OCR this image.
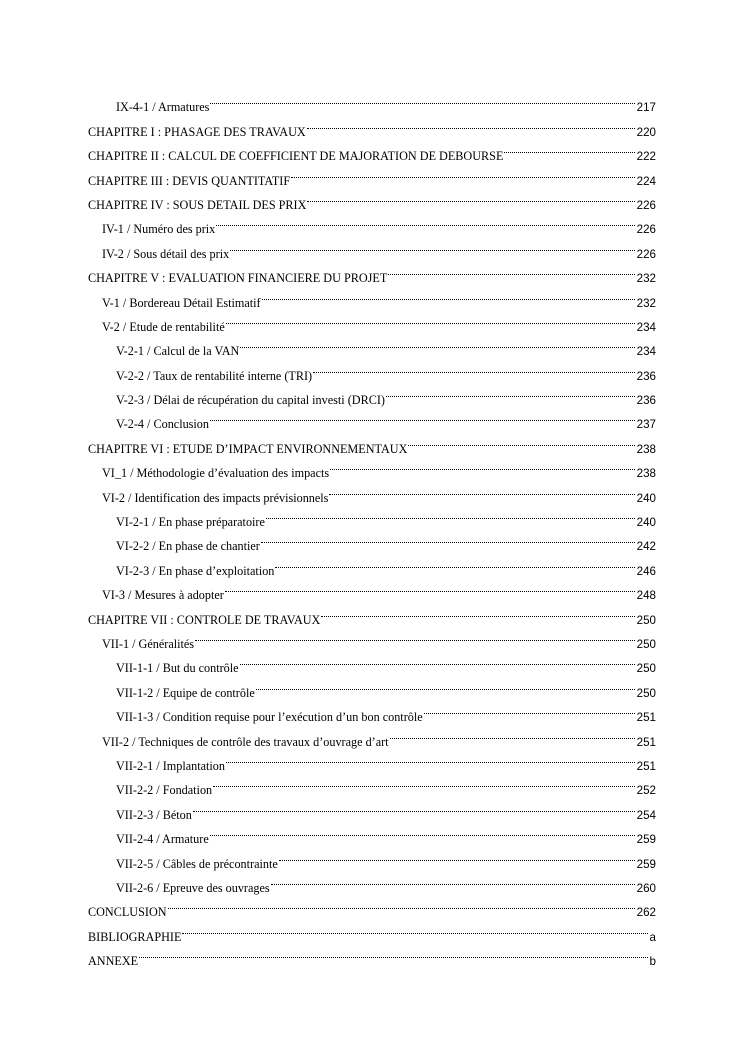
IX-4-1 / Armatures	217
CHAPITRE I : PHASAGE DES TRAVAUX	220
CHAPITRE II : CALCUL DE COEFFICIENT DE MAJORATION DE DEBOURSE	222
CHAPITRE III : DEVIS QUANTITATIF	224
CHAPITRE IV : SOUS DETAIL DES PRIX	226
IV-1 / Numéro des prix	226
IV-2 / Sous détail des prix	226
CHAPITRE V : EVALUATION FINANCIERE DU PROJET	232
V-1 / Bordereau Détail Estimatif	232
V-2 / Etude de rentabilité	234
V-2-1 / Calcul de la VAN	234
V-2-2 / Taux de rentabilité interne (TRI)	236
V-2-3 / Délai de récupération du capital investi (DRCI)	236
V-2-4 / Conclusion	237
CHAPITRE VI : ETUDE D’IMPACT ENVIRONNEMENTAUX	238
VI_1 / Méthodologie d’évaluation des impacts	238
VI-2 / Identification des impacts prévisionnels	240
VI-2-1 / En phase préparatoire	240
VI-2-2 / En phase de chantier	242
VI-2-3 / En phase d’exploitation	246
VI-3 / Mesures à adopter	248
CHAPITRE VII : CONTROLE DE TRAVAUX	250
VII-1 / Généralités	250
VII-1-1 / But du contrôle	250
VII-1-2 / Equipe de contrôle	250
VII-1-3 / Condition requise pour l’exécution d’un bon contrôle	251
VII-2 / Techniques de contrôle des travaux d’ouvrage d’art	251
VII-2-1 / Implantation	251
VII-2-2 / Fondation	252
VII-2-3 / Béton	254
VII-2-4 / Armature	259
VII-2-5 / Câbles de précontrainte	259
VII-2-6 / Epreuve des ouvrages	260
CONCLUSION	262
BIBLIOGRAPHIE	a
ANNEXE	b
